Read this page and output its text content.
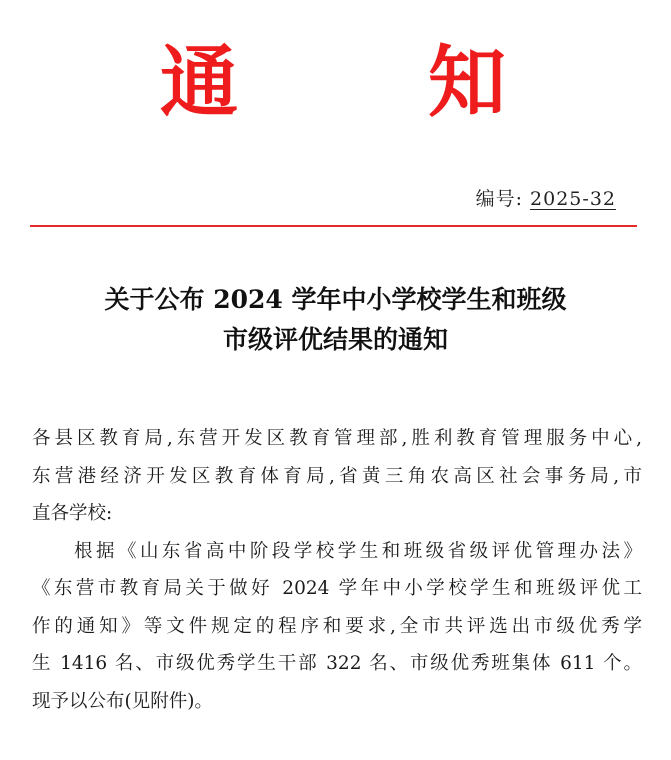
通 知
编号: 2025-32
关于公布 2024 学年中小学校学生和班级
市级评优结果的通知
各县区教育局,东营开发区教育管理部,胜利教育管理服务中心,
东营港经济开发区教育体育局,省黄三角农高区社会事务局,市
直各学校:
根据《山东省高中阶段学校学生和班级省级评优管理办法》
《东营市教育局关于做好 2024 学年中小学校学生和班级评优工
作的通知》等文件规定的程序和要求,全市共评选出市级优秀学
生 1416 名、市级优秀学生干部 322 名、市级优秀班集体 611 个。
现予以公布(见附件)。
